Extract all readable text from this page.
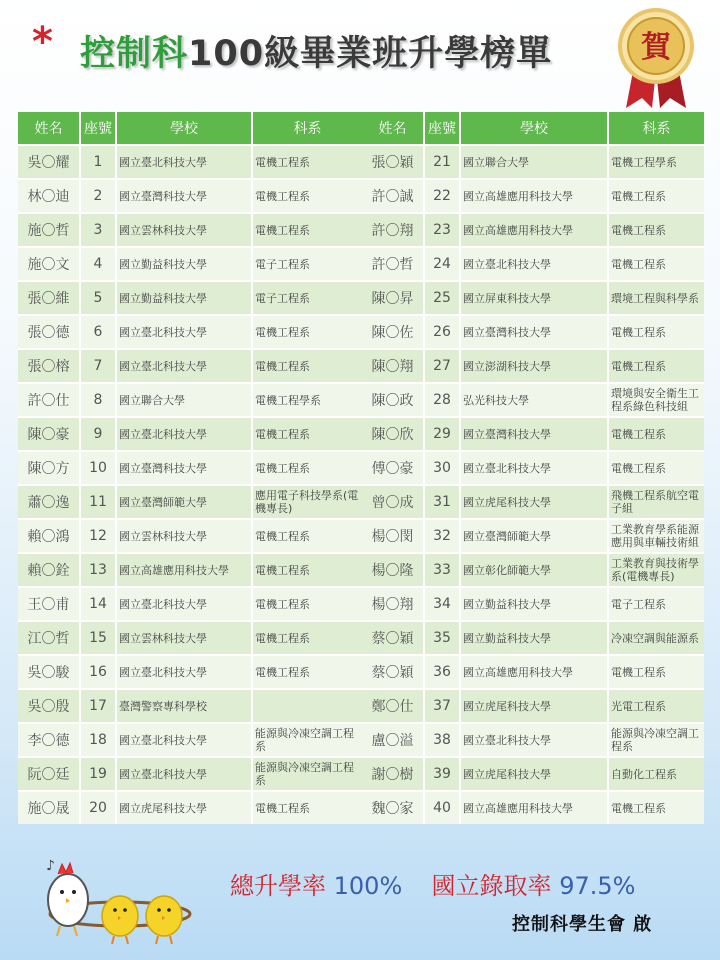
* 控制科100級畢業班升學榜單	賀
姓名	座號	學校	科系
吳〇耀	1	國立臺北科技大學	電機工程系
林〇迪	2	國立臺灣科技大學	電機工程系
施〇哲	3	國立雲林科技大學	電機工程系
施〇文	4	國立勤益科技大學	電子工程系
張〇維	5	國立勤益科技大學	電子工程系
張〇德	6	國立臺北科技大學	電機工程系
張〇榕	7	國立臺北科技大學	電機工程系
許〇仕	8	國立聯合大學	電機工程學系
陳〇豪	9	國立臺北科技大學	電機工程系
陳〇方	10	國立臺灣科技大學	電機工程系
蕭〇逸	11	國立臺灣師範大學	應用電子科技學系(電機專長)
賴〇鴻	12	國立雲林科技大學	電機工程系
賴〇銓	13	國立高雄應用科技大學	電機工程系
王〇甫	14	國立臺北科技大學	電機工程系
江〇哲	15	國立雲林科技大學	電機工程系
吳〇駿	16	國立臺北科技大學	電機工程系
吳〇殷	17	臺灣警察專科學校	
李〇德	18	國立臺北科技大學	能源與冷凍空調工程系
阮〇廷	19	國立臺北科技大學	能源與冷凍空調工程系
施〇晟	20	國立虎尾科技大學	電機工程系
姓名	座號	學校	科系
張〇穎	21	國立聯合大學	電機工程學系
許〇誠	22	國立高雄應用科技大學	電機工程系
許〇翔	23	國立高雄應用科技大學	電機工程系
許〇哲	24	國立臺北科技大學	電機工程系
陳〇昇	25	國立屏東科技大學	環境工程與科學系
陳〇佐	26	國立臺灣科技大學	電機工程系
陳〇翔	27	國立澎湖科技大學	電機工程系
陳〇政	28	弘光科技大學	環境與安全衛生工程系綠色科技組
陳〇欣	29	國立臺灣科技大學	電機工程系
傅〇豪	30	國立臺北科技大學	電機工程系
曾〇成	31	國立虎尾科技大學	飛機工程系航空電子組
楊〇閔	32	國立臺灣師範大學	工業教育學系能源應用與車輛技術組
楊〇隆	33	國立彰化師範大學	工業教育與技術學系(電機專長)
楊〇翔	34	國立勤益科技大學	電子工程系
蔡〇穎	35	國立勤益科技大學	冷凍空調與能源系
蔡〇穎	36	國立高雄應用科技大學	電機工程系
鄭〇仕	37	國立虎尾科技大學	光電工程系
盧〇溢	38	國立臺北科技大學	能源與冷凍空調工程系
謝〇樹	39	國立虎尾科技大學	自動化工程系
魏〇家	40	國立高雄應用科技大學	電機工程系
♪
總升學率 100% 國立錄取率 97.5%
控制科學生會 啟
